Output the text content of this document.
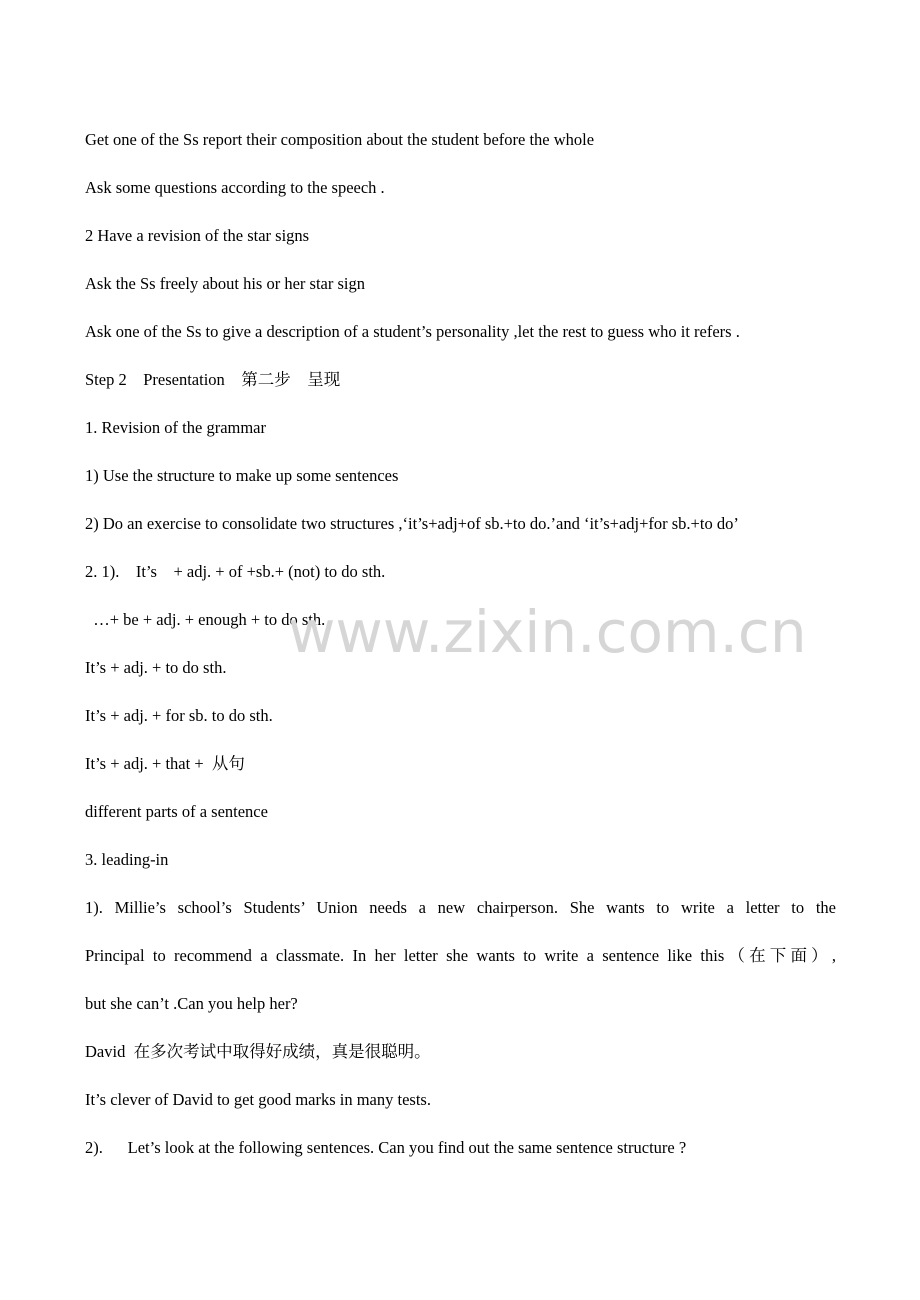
Get one of the Ss report their composition about the student before the whole
Ask some questions according to the speech .
2 Have a revision of the star signs
Ask the Ss freely about his or her star sign
Ask one of the Ss to give a description of a student’s personality ,let the rest to guess who it refers .
Step 2    Presentation    第二步    呈现
1. Revision of the grammar
1) Use the structure to make up some sentences
2) Do an exercise to consolidate two structures ,‘it’s+adj+of sb.+to do.’and ‘it’s+adj+for sb.+to do’
2. 1).    It’s    + adj. + of +sb.+ (not) to do sth.
…+ be + adj. + enough + to do sth.
It’s + adj. + to do sth.
It’s + adj. + for sb. to do sth.
It’s + adj. + that +  从句
different parts of a sentence
3. leading-in
1). Millie’s school’s Students’ Union needs a new chairperson. She wants to write a letter to the
Principal to recommend a classmate. In her letter she wants to write a sentence like this（在下面）,
but she can’t .Can you help her?
David  在多次考试中取得好成绩，真是很聪明。
It’s clever of David to get good marks in many tests.
2).      Let’s look at the following sentences. Can you find out the same sentence structure ?
www.zixin.com.cn
